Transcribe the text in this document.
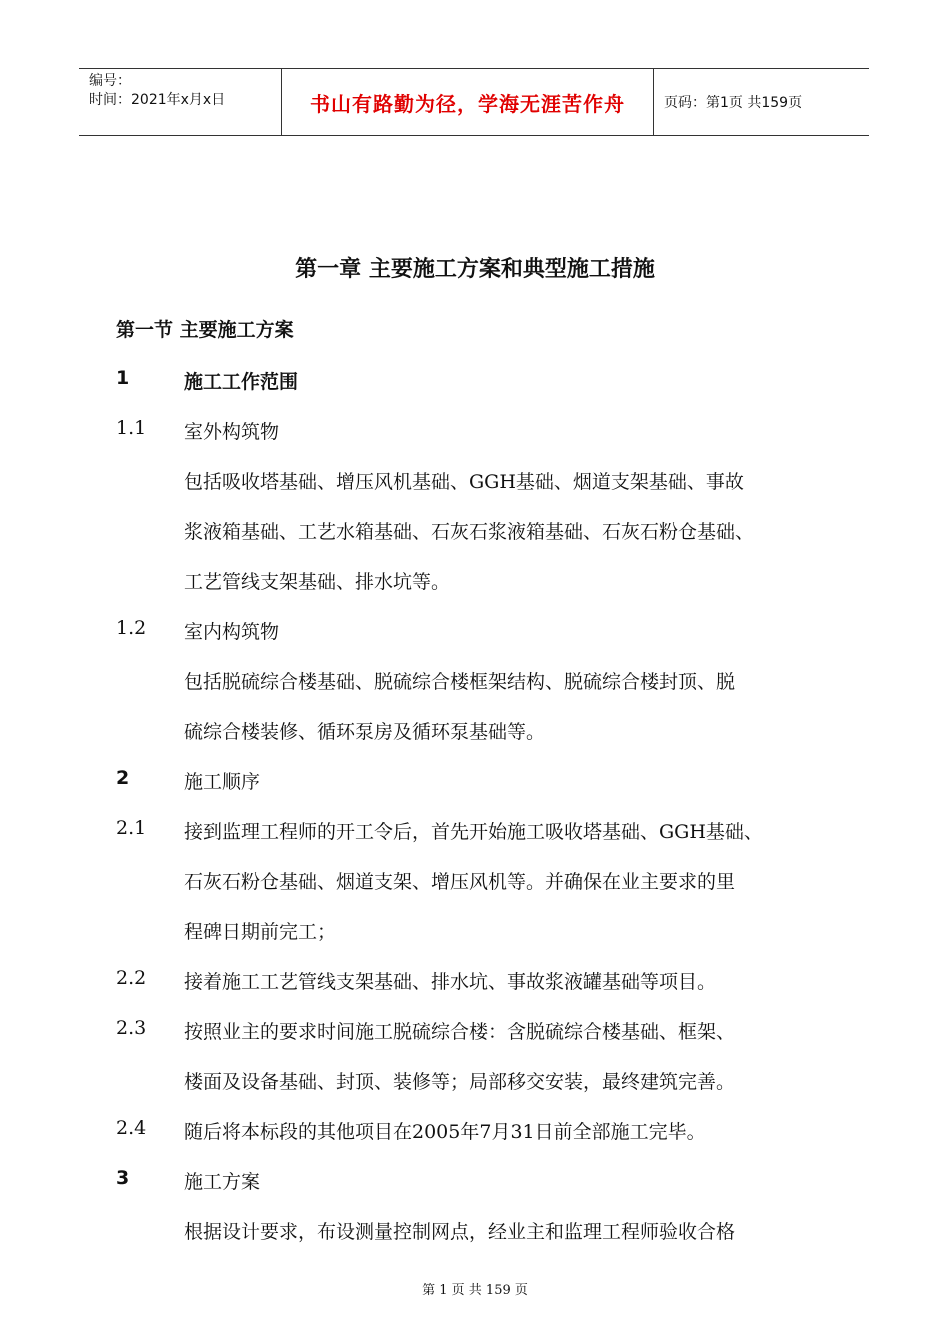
编号：
时间：2021年x月x日	书山有路勤为径，学海无涯苦作舟	页码：第1页 共159页
第一章 主要施工方案和典型施工措施
第一节 主要施工方案
1	施工工作范围
1.1 室外构筑物
包括吸收塔基础、增压风机基础、GGH基础、烟道支架基础、事故
浆液箱基础、工艺水箱基础、石灰石浆液箱基础、石灰石粉仓基础、
工艺管线支架基础、排水坑等。
1.2 室内构筑物
包括脱硫综合楼基础、脱硫综合楼框架结构、脱硫综合楼封顶、脱
硫综合楼装修、循环泵房及循环泵基础等。
2	施工顺序
2.1 接到监理工程师的开工令后，首先开始施工吸收塔基础、GGH基础、
石灰石粉仓基础、烟道支架、增压风机等。并确保在业主要求的里
程碑日期前完工；
2.2 接着施工工艺管线支架基础、排水坑、事故浆液罐基础等项目。
2.3 按照业主的要求时间施工脱硫综合楼：含脱硫综合楼基础、框架、
楼面及设备基础、封顶、装修等；局部移交安装，最终建筑完善。
2.4 随后将本标段的其他项目在2005年7月31日前全部施工完毕。
3	施工方案
根据设计要求，布设测量控制网点，经业主和监理工程师验收合格
第 1 页 共 159 页
